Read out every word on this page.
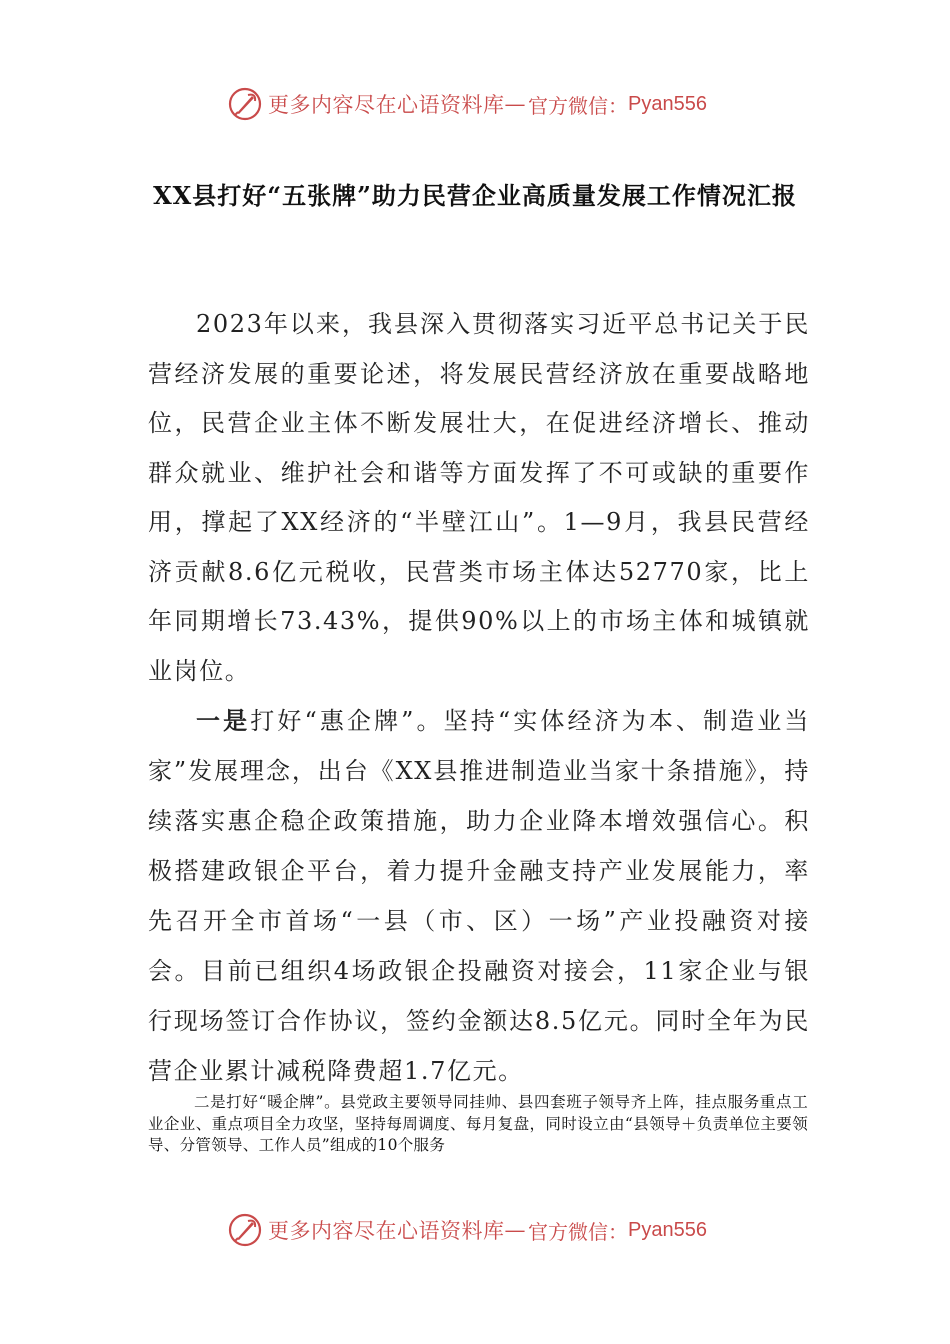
更多内容尽在心语资料库 — 官方微信： Pyan556
XX县打好“五张牌”助力民营企业高质量发展工作情况汇报

2023年以来，我县深入贯彻落实习近平总书记关于民营经济发展的重要论述，将发展民营经济放在重要战略地位，民营企业主体不断发展壮大，在促进经济增长、推动群众就业、维护社会和谐等方面发挥了不可或缺的重要作用，撑起了XX经济的“半壁江山”。1—9月，我县民营经济贡献8.6亿元税收，民营类市场主体达52770家，比上年同期增长73.43%，提供90%以上的市场主体和城镇就业岗位。

一是打好“惠企牌”。坚持“实体经济为本、制造业当家”发展理念，出台《XX县推进制造业当家十条措施》，持续落实惠企稳企政策措施，助力企业降本增效强信心。积极搭建政银企平台，着力提升金融支持产业发展能力，率先召开全市首场“一县（市、区）一场”产业投融资对接会。目前已组织4场政银企投融资对接会，11家企业与银行现场签订合作协议，签约金额达8.5亿元。同时全年为民营企业累计减税降费超1.7亿元。

二是打好“暖企牌”。县党政主要领导同挂帅、县四套班子领导齐上阵，挂点服务重点工业企业、重点项目全力攻坚，坚持每周调度、每月复盘，同时设立由“县领导＋负责单位主要领导、分管领导、工作人员”组成的10个服务

更多内容尽在心语资料库 — 官方微信： Pyan556
